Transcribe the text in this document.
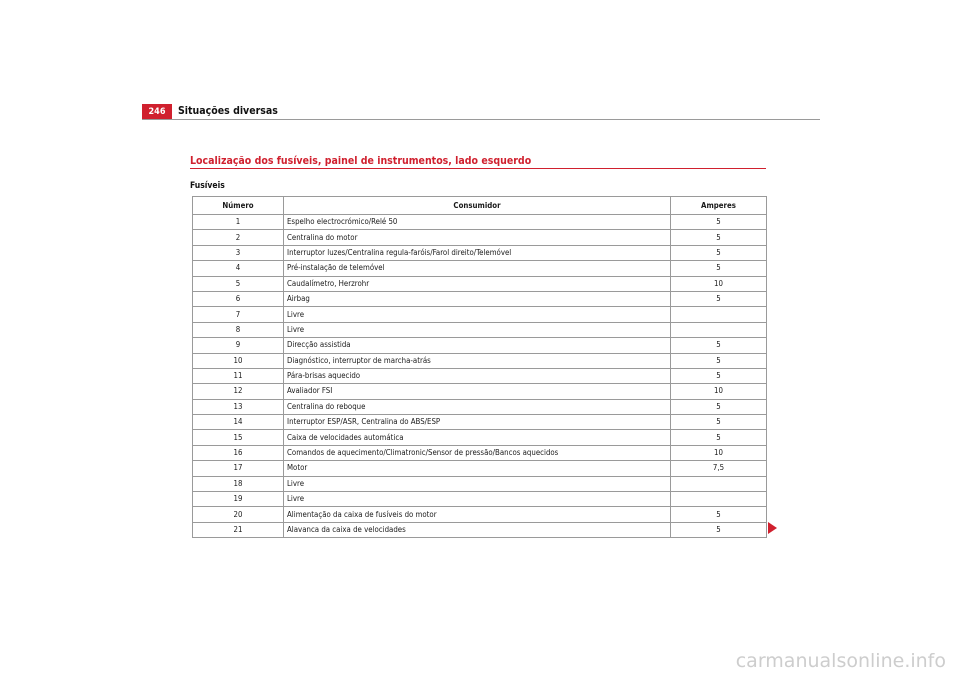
246	Situações diversas
Localização dos fusíveis, painel de instrumentos, lado esquerdo
Fusíveis
Número	Consumidor	Amperes
1	Espelho electrocrómico/Relé 50	5
2	Centralina do motor	5
3	Interruptor luzes/Centralina regula-faróis/Farol direito/Telemóvel	5
4	Pré-instalação de telemóvel	5
5	Caudalímetro, Herzrohr	10
6	Airbag	5
7	Livre	
8	Livre	
9	Direcção assistida	5
10	Diagnóstico, interruptor de marcha-atrás	5
11	Pára-brisas aquecido	5
12	Avaliador FSI	10
13	Centralina do reboque	5
14	Interruptor ESP/ASR, Centralina do ABS/ESP	5
15	Caixa de velocidades automática	5
16	Comandos de aquecimento/Climatronic/Sensor de pressão/Bancos aquecidos	10
17	Motor	7,5
18	Livre	
19	Livre	
20	Alimentação da caixa de fusíveis do motor	5
21	Alavanca da caixa de velocidades	5
carmanualsonline.info
